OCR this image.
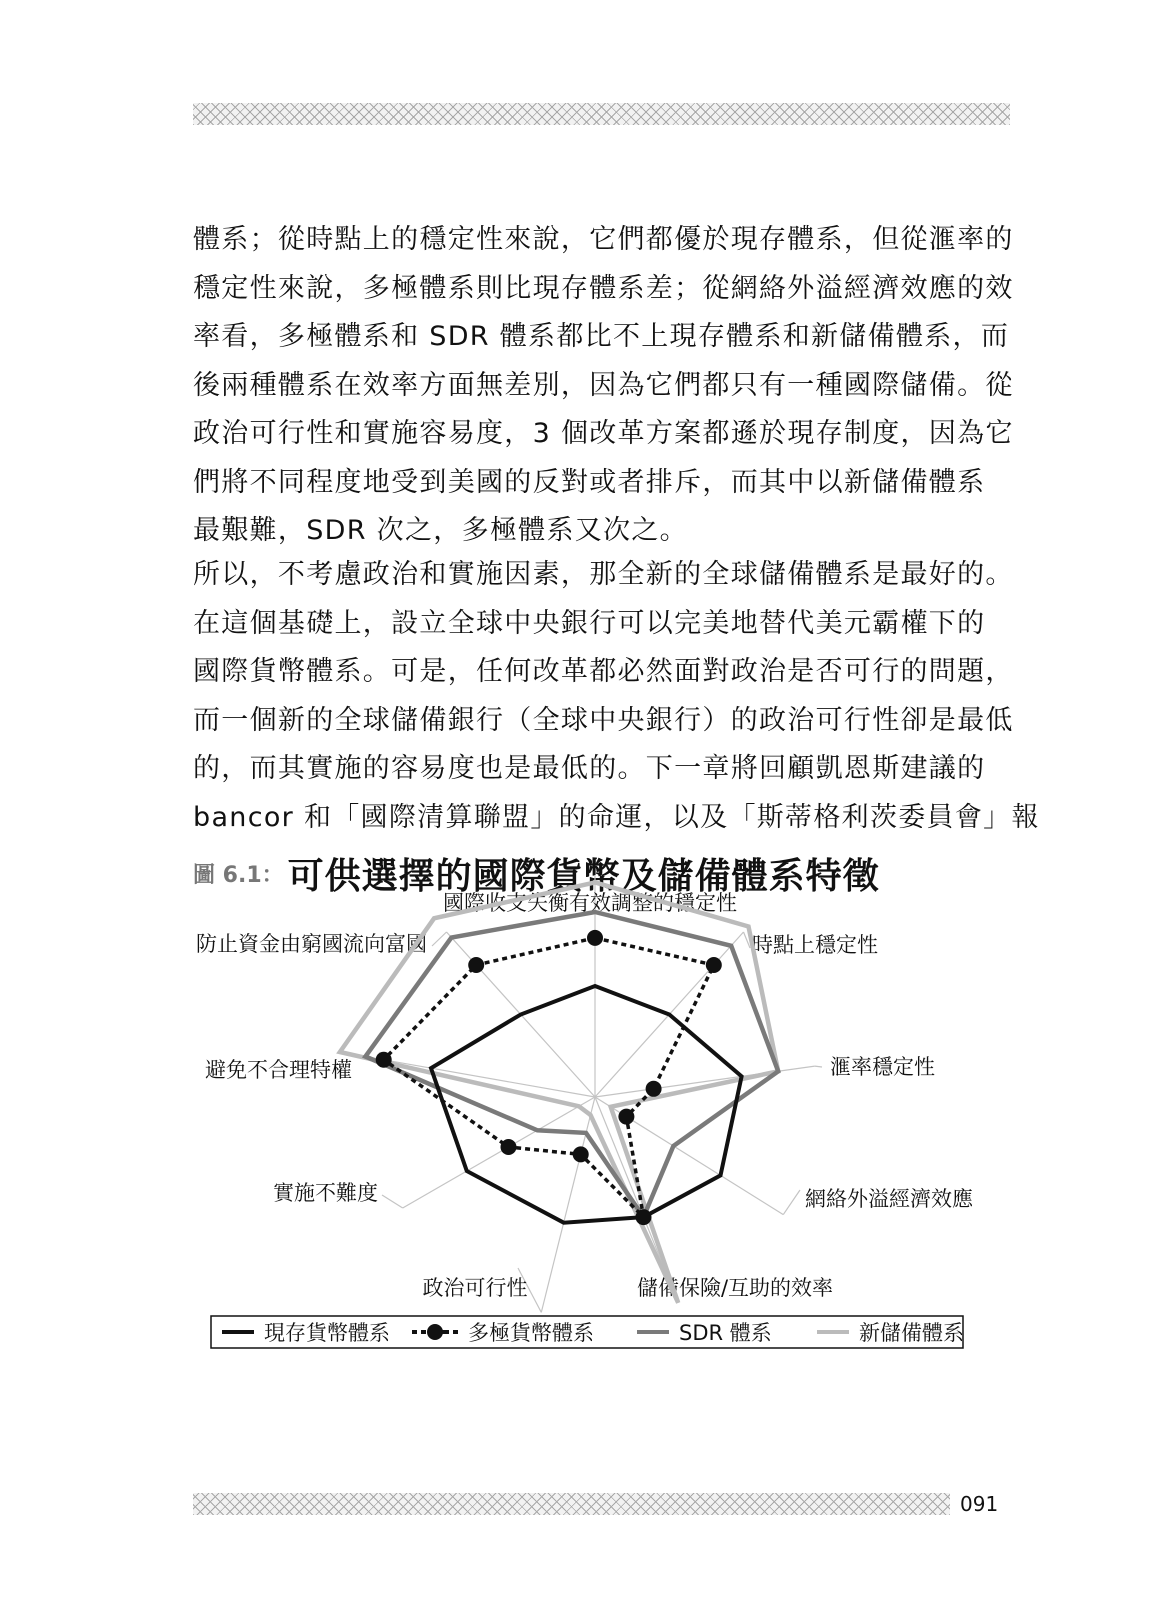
體系；從時點上的穩定性來說，它們都優於現存體系，但從滙率的
穩定性來說，多極體系則比現存體系差；從網絡外溢經濟效應的效
率看，多極體系和 SDR 體系都比不上現存體系和新儲備體系，而
後兩種體系在效率方面無差別，因為它們都只有一種國際儲備。從
政治可行性和實施容易度，3 個改革方案都遜於現存制度，因為它
們將不同程度地受到美國的反對或者排斥，而其中以新儲備體系
最艱難，SDR 次之，多極體系又次之。

所以，不考慮政治和實施因素，那全新的全球儲備體系是最好的。
在這個基礎上，設立全球中央銀行可以完美地替代美元霸權下的
國際貨幣體系。可是，任何改革都必然面對政治是否可行的問題，
而一個新的全球儲備銀行（全球中央銀行）的政治可行性卻是最低
的，而其實施的容易度也是最低的。下一章將回顧凱恩斯建議的
bancor 和「國際清算聯盟」的命運，以及「斯蒂格利茨委員會」報

圖 6.1： 可供選擇的國際貨幣及儲備體系特徵
國際收支失衡有效調整的穩定性
時點上穩定性
滙率穩定性
網絡外溢經濟效應
儲備保險/互助的效率
政治可行性
實施不難度
避免不合理特權
防止資金由窮國流向富國
現存貨幣體系	多極貨幣體系	SDR 體系	新儲備體系
091
